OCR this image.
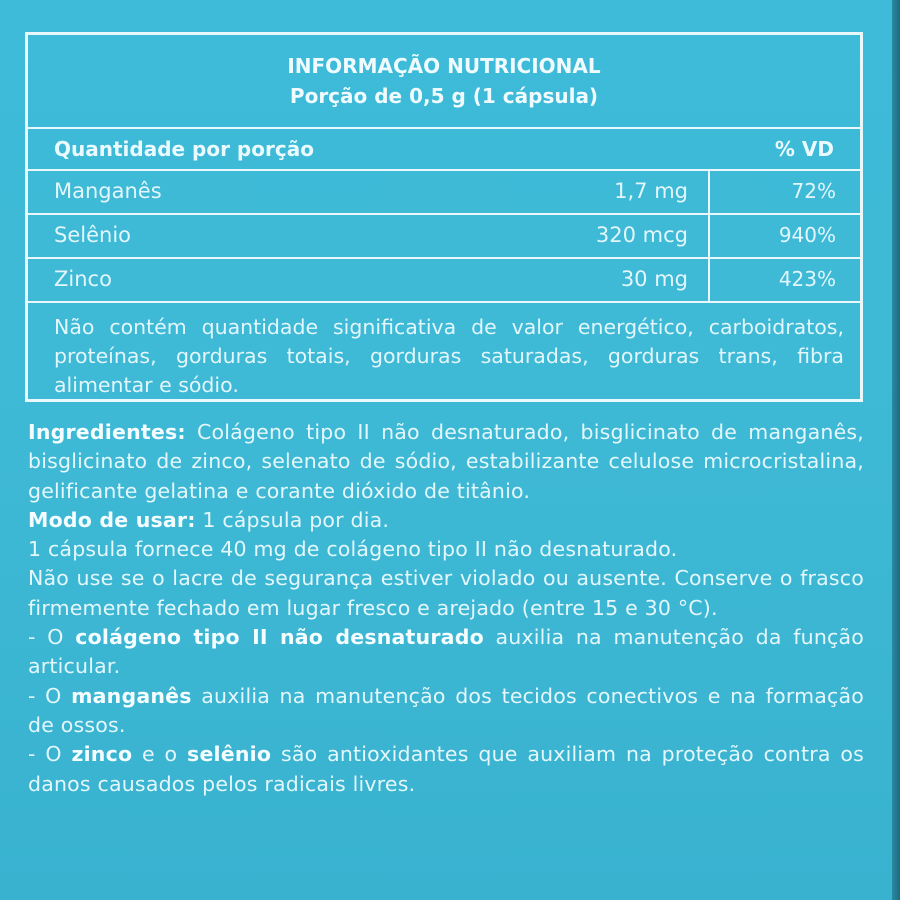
INFORMAÇÃO NUTRICIONAL
Porção de 0,5 g (1 cápsula)
Quantidade por porção	% VD
Manganês	1,7 mg	72%
Selênio	320 mcg	940%
Zinco	30 mg	423%
Não contém quantidade significativa de valor energético, carboidratos, proteínas, gorduras totais, gorduras saturadas, gorduras trans, fibra alimentar e sódio.

Ingredientes: Colágeno tipo II não desnaturado, bisglicinato de manganês, bisglicinato de zinco, selenato de sódio, estabilizante celulose microcristalina, gelificante gelatina e corante dióxido de titânio.

Modo de usar: 1 cápsula por dia.

1 cápsula fornece 40 mg de colágeno tipo II não desnaturado.

Não use se o lacre de segurança estiver violado ou ausente. Conserve o frasco firmemente fechado em lugar fresco e arejado (entre 15 e 30 °C).

- O colágeno tipo II não desnaturado auxilia na manutenção da função articular.

- O manganês auxilia na manutenção dos tecidos conectivos e na formação de ossos.

- O zinco e o selênio são antioxidantes que auxiliam na proteção contra os danos causados pelos radicais livres.
